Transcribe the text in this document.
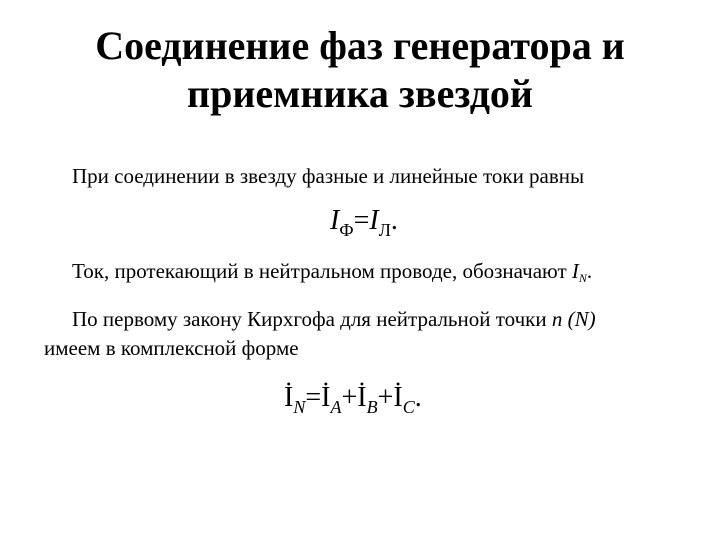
Соединение фаз генератора и
приемника звездой

При соединении в звезду фазные и линейные токи равны

$I_Ф=I_Л$.

Ток, протекающий в нейтральном проводе, обозначают IN.

По первому закону Кирхгофа для нейтральной точки n (N)

имеем в комплексной форме

$İ_N=İ_A+İ_B+İ_C$.
